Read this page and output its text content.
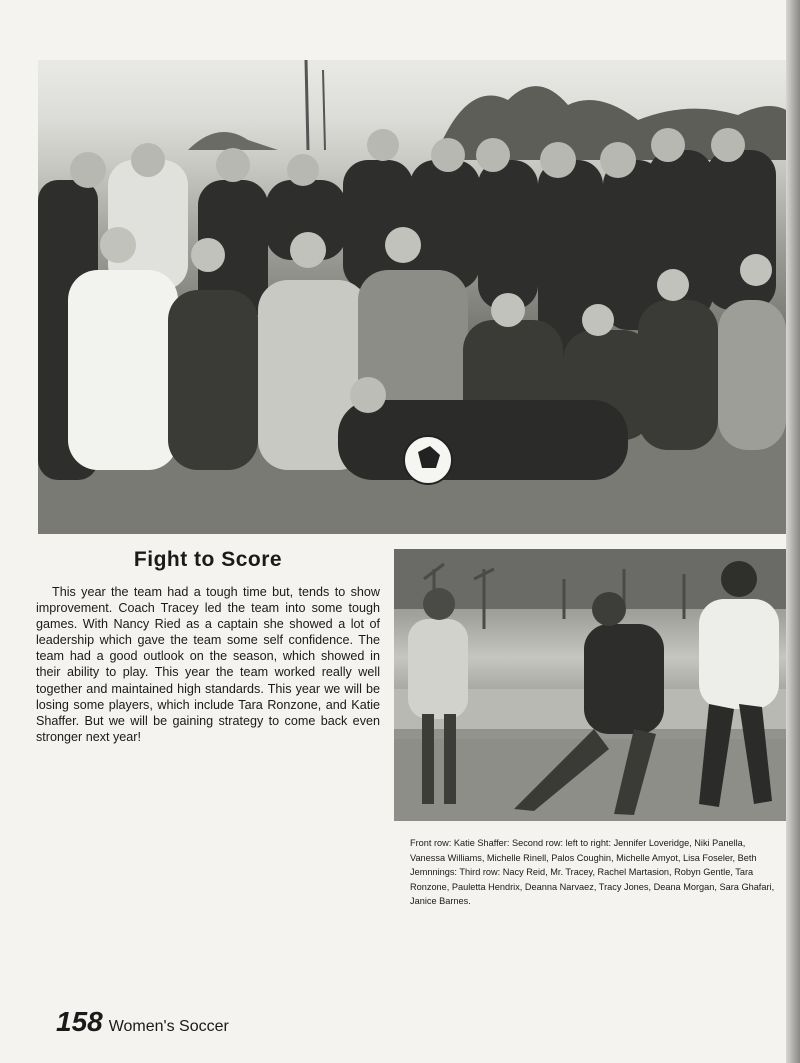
Fight to Score
This year the team had a tough time but, tends to show improvement. Coach Tracey led the team into some tough games. With Nancy Ried as a captain she showed a lot of leadership which gave the team some self confidence. The team had a good outlook on the season, which showed in their ability to play. This year the team worked really well together and maintained high standards. This year we will be losing some players, which include Tara Ronzone, and Katie Shaffer. But we will be gaining strategy to come back even stronger next year!
Front row: Katie Shaffer: Second row: left to right: Jennifer Loveridge, Niki Panella, Vanessa Williams, Michelle Rinell, Palos Coughin, Michelle Amyot, Lisa Foseler, Beth Jemnnings: Third row: Nacy Reid, Mr. Tracey, Rachel Martasion, Robyn Gentle, Tara Ronzone, Pauletta Hendrix, Deanna Narvaez, Tracy Jones, Deana Morgan, Sara Ghafari, Janice Barnes.
158 Women's Soccer
